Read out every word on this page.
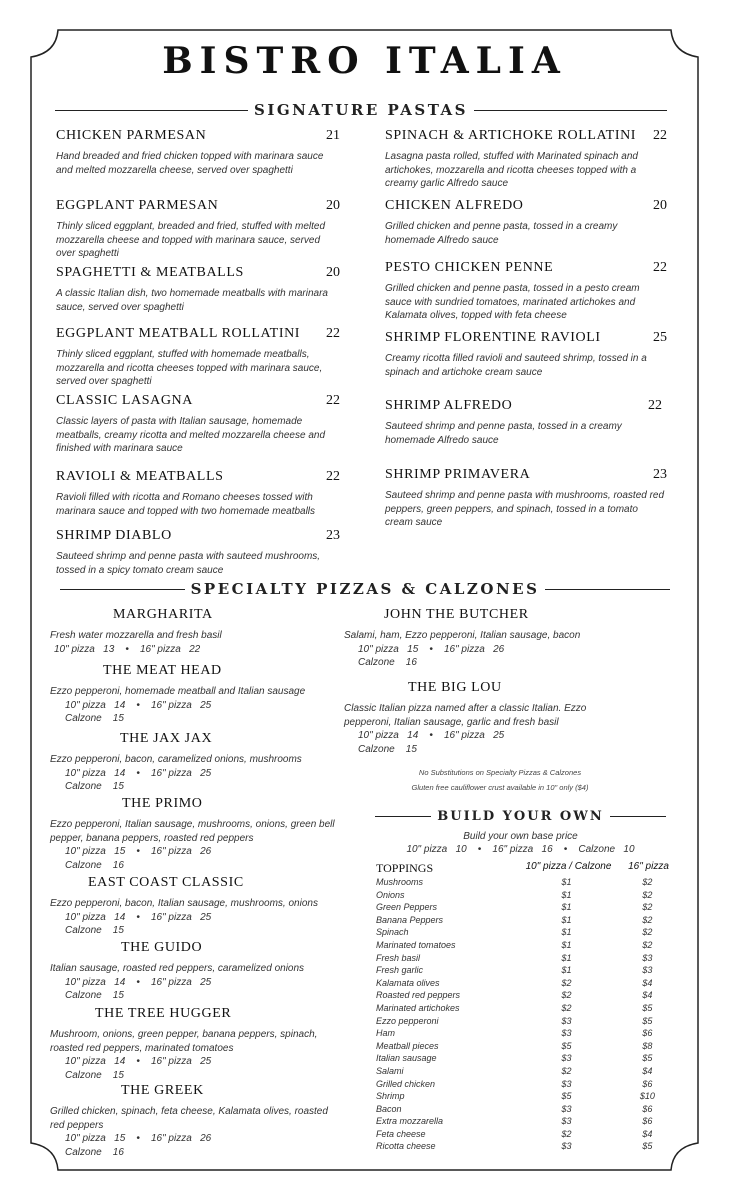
BISTRO ITALIA
SIGNATURE PASTAS
CHICKEN PARMESAN	21
Hand breaded and fried chicken topped with marinara sauce and melted mozzarella cheese, served over spaghetti
EGGPLANT PARMESAN	20
Thinly sliced eggplant, breaded and fried, stuffed with melted mozzarella cheese and topped with marinara sauce, served over spaghetti
SPAGHETTI & MEATBALLS	20
A classic Italian dish, two homemade meatballs with marinara sauce, served over spaghetti
EGGPLANT MEATBALL ROLLATINI 22
Thinly sliced eggplant, stuffed with homemade meatballs, mozzarella and ricotta cheeses topped with marinara sauce, served over spaghetti
CLASSIC LASAGNA	22
Classic layers of pasta with Italian sausage, homemade meatballs, creamy ricotta and melted mozzarella cheese and finished with marinara sauce
RAVIOLI & MEATBALLS	22
Ravioli filled with ricotta and Romano cheeses tossed with marinara sauce and topped with two homemade meatballs
SHRIMP DIABLO	23
Sauteed shrimp and penne pasta with sauteed mushrooms, tossed in a spicy tomato cream sauce
SPINACH & ARTICHOKE ROLLATINI 22
Lasagna pasta rolled, stuffed with Marinated spinach and artichokes, mozzarella and ricotta cheeses topped with a creamy garlic Alfredo sauce
CHICKEN ALFREDO	20
Grilled chicken and penne pasta, tossed in a creamy homemade Alfredo sauce
PESTO CHICKEN PENNE	22
Grilled chicken and penne pasta, tossed in a pesto cream sauce with sundried tomatoes, marinated artichokes and Kalamata olives, topped with feta cheese
SHRIMP FLORENTINE RAVIOLI	25
Creamy ricotta filled ravioli and sauteed shrimp, tossed in a spinach and artichoke cream sauce
SHRIMP ALFREDO	22
Sauteed shrimp and penne pasta, tossed in a creamy homemade Alfredo sauce
SHRIMP PRIMAVERA	23
Sauteed shrimp and penne pasta with mushrooms, roasted red peppers, green peppers, and spinach, tossed in a tomato cream sauce
SPECIALTY PIZZAS & CALZONES
MARGHARITA
Fresh water mozzarella and fresh basil
10" pizza   13    •    16" pizza   22
THE MEAT HEAD
Ezzo pepperoni, homemade meatball and Italian sausage
10" pizza   14    •    16" pizza   25
Calzone    15
THE JAX JAX
Ezzo pepperoni, bacon, caramelized onions, mushrooms
10" pizza   14    •    16" pizza   25
Calzone    15
THE PRIMO
Ezzo pepperoni, Italian sausage, mushrooms, onions, green bell pepper, banana peppers, roasted red peppers
10" pizza   15    •    16" pizza   26
Calzone    16
EAST COAST CLASSIC
Ezzo pepperoni, bacon, Italian sausage, mushrooms, onions
10" pizza   14    •    16" pizza   25
Calzone    15
THE GUIDO
Italian sausage, roasted red peppers, caramelized onions
10" pizza   14    •    16" pizza   25
Calzone    15
THE TREE HUGGER
Mushroom, onions, green pepper, banana peppers, spinach, roasted red peppers, marinated tomatoes
10" pizza   14    •    16" pizza   25
Calzone    15
THE GREEK
Grilled chicken, spinach, feta cheese, Kalamata olives, roasted red peppers
10" pizza   15    •    16" pizza   26
Calzone    16
JOHN THE BUTCHER
Salami, ham, Ezzo pepperoni, Italian sausage, bacon
10" pizza   15    •    16" pizza   26
Calzone    16
THE BIG LOU
Classic Italian pizza named after a classic Italian. Ezzo pepperoni, Italian sausage, garlic and fresh basil
10" pizza   14    •    16" pizza   25
Calzone    15
No Substitutions on Specialty Pizzas & Calzones
Gluten free cauliflower crust available in 10" only ($4)
BUILD YOUR OWN
Build your own base price
10" pizza   10    •    16" pizza   16    •    Calzone   10
TOPPINGS	10" pizza / Calzone	16" pizza
Mushrooms	$1	$2
Onions	$1	$2
Green Peppers	$1	$2
Banana Peppers	$1	$2
Spinach	$1	$2
Marinated tomatoes	$1	$2
Fresh basil	$1	$3
Fresh garlic	$1	$3
Kalamata olives	$2	$4
Roasted red peppers	$2	$4
Marinated artichokes	$2	$5
Ezzo pepperoni	$3	$5
Ham	$3	$6
Meatball pieces	$5	$8
Italian sausage	$3	$5
Salami	$2	$4
Grilled chicken	$3	$6
Shrimp	$5	$10
Bacon	$3	$6
Extra mozzarella	$3	$6
Feta cheese	$2	$4
Ricotta cheese	$3	$5
